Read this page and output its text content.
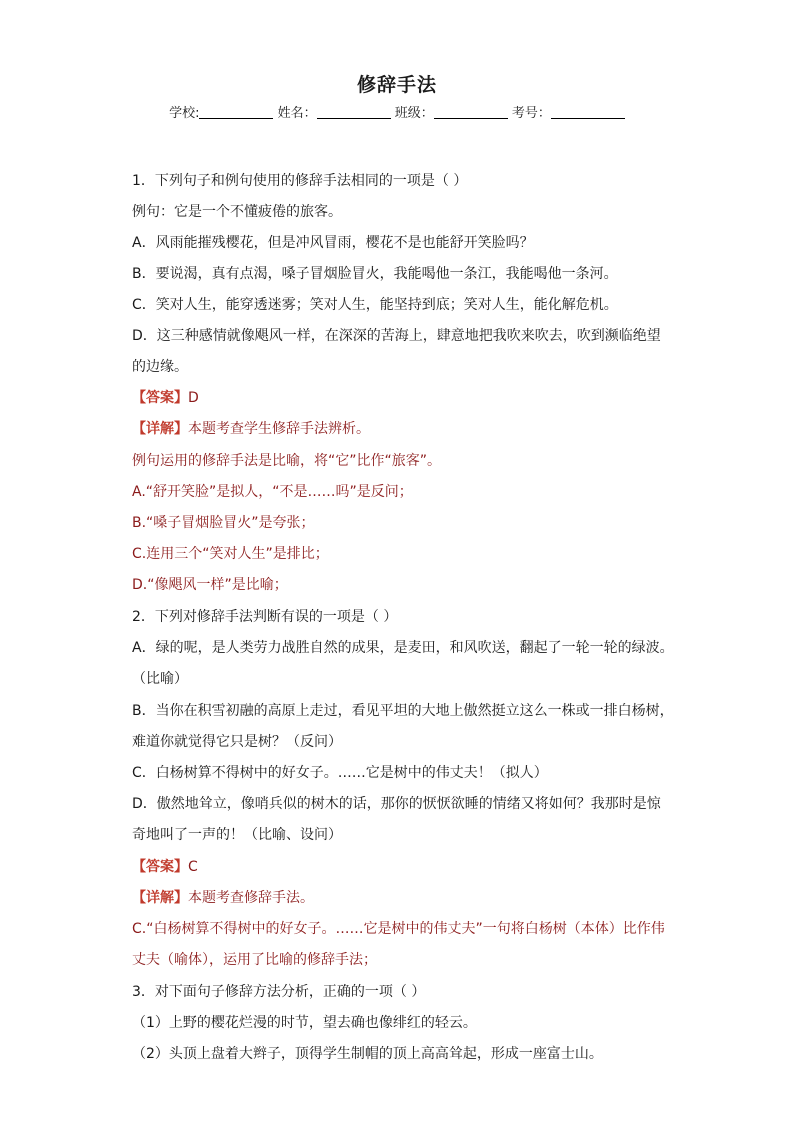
修辞手法
学校:	姓名：	班级：	考号：
1．下列句子和例句使用的修辞手法相同的一项是（ ）
例句：它是一个不懂疲倦的旅客。
A．风雨能摧残樱花，但是冲风冒雨，樱花不是也能舒开笑脸吗？
B．要说渴，真有点渴，嗓子冒烟脸冒火，我能喝他一条江，我能喝他一条河。
C．笑对人生，能穿透迷雾；笑对人生，能坚持到底；笑对人生，能化解危机。
D．这三种感情就像飓风一样，在深深的苦海上，肆意地把我吹来吹去，吹到濒临绝望
的边缘。
【答案】D
【详解】本题考查学生修辞手法辨析。
例句运用的修辞手法是比喻，将“它”比作“旅客”。
A.“舒开笑脸”是拟人，“不是……吗”是反问；
B.“嗓子冒烟脸冒火”是夸张；
C.连用三个“笑对人生”是排比；
D.“像飓风一样”是比喻；
2．下列对修辞手法判断有误的一项是（ ）
A．绿的呢，是人类劳力战胜自然的成果，是麦田，和风吹送，翻起了一轮一轮的绿波。
（比喻）
B．当你在积雪初融的高原上走过，看见平坦的大地上傲然挺立这么一株或一排白杨树，
难道你就觉得它只是树？（反问）
C．白杨树算不得树中的好女子。……它是树中的伟丈夫！（拟人）
D．傲然地耸立，像哨兵似的树木的话，那你的恹恹欲睡的情绪又将如何？我那时是惊
奇地叫了一声的！（比喻、设问）
【答案】C
【详解】本题考查修辞手法。
C.“白杨树算不得树中的好女子。……它是树中的伟丈夫”一句将白杨树（本体）比作伟
丈夫（喻体），运用了比喻的修辞手法；
3．对下面句子修辞方法分析，正确的一项（ ）
（1）上野的樱花烂漫的时节，望去确也像绯红的轻云。
（2）头顶上盘着大辫子，顶得学生制帽的顶上高高耸起，形成一座富士山。
